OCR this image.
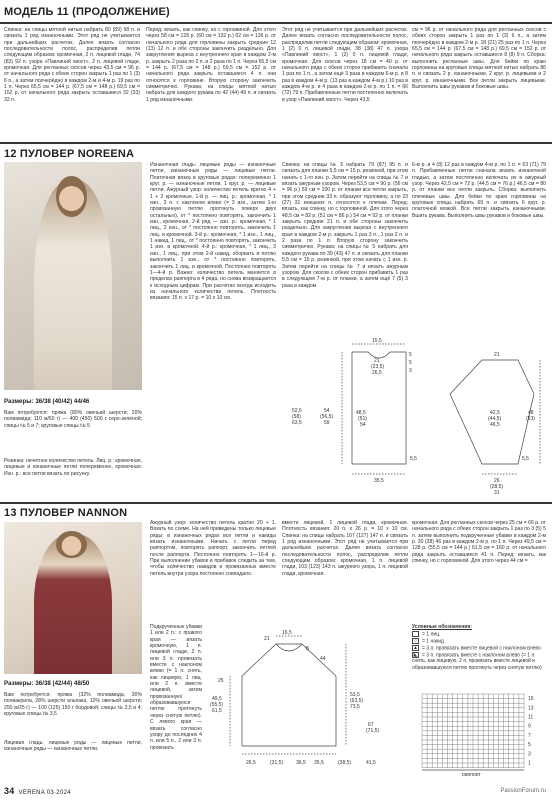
МОДЕЛЬ 11 (ПРОДОЛЖЕНИЕ)
Спинка: на спицы мятной нитью набрать 80 (89) 98 п. и связать 1 ряд изнаночными. Этот ряд не учитывается при дальнейших расчетах. Далее вязать согласно последовательности полос, распределив петли следующим образом: кромочная, 2 п. лицевой глади, 74 (83) 92 п. узора «Павлиний хвост», 2 п. лицевой глади, кромочная. Для регланных скосов через 43,5 см = 96 р. от начального ряда с обеих сторон закрыть 1 раз по 1 (3) 6 п., а затем поочерёдно в каждом 2-м и 4-м р. 19 раз по 1 п. Через 65,5 см = 144 р. (67,5 см = 148 р.) 69,5 см = 152 р. от начального ряда закрыть оставшиеся 32 (33) 32 п.
Перед: вязать, как спинку, но с горловиной. Для этого через 58 см = 128 р. (60 см = 132 р.) 62 см = 136 р. от начального ряда для горловины закрыть средние 12 (13) 12 п. и обе стороны закончить раздельно. Для закругления выреза с внутреннего края в каждом 2-м р. закрыть 2 раза по 2 п. и 2 раза по 1 п. Через 65,5 см = 144 р. (67,5 см = 148 р.) 69,5 см = 152 р. от начального ряда закрыть оставшиеся 4 п. они относятся к горловине. Вторую сторону закончить симметрично. Рукава: на спицы мятной нитью набрать для каждого рукава по 42 (44) 49 п. и связать 1 ряд изнаночными.
Этот ряд не учитывается при дальнейших расчетах. Далее вязать согласно последовательности полос, распределив петли следующим образом: кромочная, 1 (2) 0 п. лицевой глади, 38 (38) 47 п. узора «Павлиний хвост», 1 (2) 0 п. лицевой глади, кромочная. Для скосов через 18 см = 40 р. от начального ряда с обеих сторон прибавить сначала 1 раз по 1 п., а затем ещё 3 раза в каждом 6-м р. и 8 раз в каждом 4-м р. (13 раз в каждом 4-м р.) 10 раз в каждом 4-м р. и 4 раза в каждом 2-м р. по 1 п. = 66 (72) 79 п. Прибавленные петли постепенно включать в узор «Павлиний хвост». Через 43,5
см = 96 р. от начального ряда для регланных скосов с обеих сторон закрыть 1 раз по 1 (3) 6 п., а затем поочерёдно в каждом 2-м р. 18 (21) 25 раз по 1 п. Через 65,5 см = 144 р. (67,5 см = 148 р.) 69,5 см = 152 р. от начального ряда закрыть оставшиеся 8 (8) 9 п. Сборка: выполнить регланные швы. Для бейки по краю горловины на круговые спицы мятной нитью набрать 86 п. и связать 2 р. изнаночными, 2 круг. р. лицевыми и 2 круг. р. изнаночными. Все петли закрыть лицевыми. Выполнить швы рукавов и боковые швы.
12 ПУЛОВЕР NOREENA
Размеры: 36/38 (40/42) 44/46
Вам потребуется: пряжа (80% овечьей шерсти; 20% полиамида; 110 м/50 г) — 400 (450) 500 г серо-зеленой; спицы № 5 и 7; круговые спицы № 5
Резинка: нечетное количество петель. Лиц. р.: кромочная, лицевые и изнаночные петли попеременно, кромочная. Изн. р.: все петли вязать по рисунку.
Изнаночная гладь: лицевые ряды — изнаночные петли, изнаночные ряды — лицевые петли. Платочная вязка в круговых рядах: попеременно 1 круг. р. — изнаночные петли, 1 круг. р. — лицевые петли. Ажурный узор: количество петель кратно 4 + 1 + 2 кромочные. 1-й р. — лиц. р.: кромочная, * 1 изн., 3 п. с наклоном влево (= 3 изн., затем 1-ю провязанную петлю протянуть поверх двух остальных), от * постоянно повторять, закончить 1 изн., кромочная. 2-й ряд — изн. р.: кромочная, * 1 лиц., 2 изн., от * постоянно повторять, закончить 1 лиц. и кромочной. 3-й р.: кромочная, * 1 изн., 1 лиц., 1 накид, 1 лиц., от * постоянно повторять, закончить 1 изн. и кромочной. 4-й р.: кромочная, * 1 лиц., 3 изн., 1 лиц., при этом 2-й накид, оборвать и петлю выполнить 1 изн., от * постоянно повторять, закончить 1 лиц. и кромочной. Постоянно повторять 1—4-й р. Важно: количество петель меняется в пределах раппорта в 4 ряда, но снова возвращается к исходным цифрам. При расчетах всегда исходить из начального количества петель. Плотность вязания: 15 п. x 17 р. = 10 x 10 см.
Спинка: на спицы № 5 набрать 79 (87) 95 п. и связать для планки 5,5 см = 15 р. резинкой, при этом начать с 1-го изн. р. Затем перейти на спицы № 7 и вязать ажурным узором. Через 53,5 см = 90 р. (56 см = 96 р.) 59 см = 100 р. от планки все петли закрыть, при этом средние 33 п. образуют горловину, а по 23 (27) 31 внешних п. относятся к плечам. Перед: вязать, как спинку, но с горловиной. Для этого через 48,5 см = 82 р. (51 см = 86 р.) 54 см = 92 р. от планки закрыть средние 21 п. и обе стороны закончить раздельно. Для закругления выреза с внутреннего края в каждом 2-м р. закрыть 1 раз 3 п., 1 раз 2 п. и 2 раза по 1 п. Вторую сторону закончить симметрично. Рукава: на спицы № 5 набрать для каждого рукава по 39 (43) 47 п. и связать для планки 5,5 см = 15 р. резинкой, при этом начать с 1 изн. р. Затем перейти на спицы № 7 и вязать ажурным узором. Для скосов с обеих сторон прибавить 1 раз в следующем 7-м р. от планки, а затем ещё 7 (5) 3 раза в каждом
6-м р. и 4 (8) 12 раз в каждом 4-м р. по 1 п. = 63 (71) 79 п. Прибавленные петли сначала вязать изнаночной гладью, а затем постепенно включать их в ажурный узор. Через 42,5 см = 72 р. (44,5 см = 76 р.) 46,5 см = 80 р. от планки все петли закрыть. Сборка: выполнить плечевые швы. Для бейки по краю горловины на круговые спицы набрать 69 п. и связать 6 круг. р. платочной вязкой. Все петли закрыть изнаночными. Вшить рукава. Выполнить швы рукавов и боковые швы.
15,5
21
(23,5)
26,5
5
5
3
54
(56,5)
59
48,5
(51)
54
52,5
(58)
63,5
42,5
(44,5)
46,5
21
48
(53)
35,5
5,5	5,5
26
(28,5)
31
13 ПУЛОВЕР NANNON
Размеры: 36/38 (42/44) 48/50
Вам потребуется: пряжа (32% полиамида, 30% полиакрила, 28% шерсти альпака, 10% овечьей шерсти; 250 м/25 г) — 100 (125) 150 г бордовой; спицы № 3,5 и 4; круговые спицы № 3,5
Лицевая гладь: лицевые ряды — лицевые петли, изнаночные ряды — изнаночные петли.
Ажурный узор: количество петель кратно 20 + 1. Вязать по схеме. На ней приведены только лицевые ряды; в изнаночных рядах все петли и накиды вязать изнаночными. Начать с петли перед раппортом, повторять раппорт, закончить петлей после раппорта. Постоянно повторять 1—16-й р. При выполнении убавок и прибавок следить за тем, чтобы количество накидов и провязанных вместе петель внутри узора постоянно совпадало.
Подкрученные убавки 1 или 2 п.: с правого края — вязать кромочную, 1 п. лицевой глади, 2 п. или 3 п. провязать вместе с наклоном влево (= 1 п. снять, как лицевую, 1 лиц. или 2 п. вместе лицевой, затем провязанную/образовавшуюся петлю протянуть через снятую петлю). С левого края — вязать согласно узору до последних 4 п. или 5 п., 2 или 3 п. провязать
вместе лицевой, 1 лицевой глади, кромочная. Плотность вязания: 20 п. x 26 р. = 10 x 10 см. Спинка: на спицы набрать 107 (127) 147 п. и связать 1 ряд изнаночными. Этот ряд не учитывается при дальнейших расчетах. Далее вязать согласно последовательности полос, распределив петли следующим образом: кромочная, 1 п. лицевой глади, 103 (123) 143 п. ажурного узора, 1 п. лицевой глади, кромочная.
кромочная. Для регланных скосов через 25 см = 66 р. от начального ряда с обеих сторон закрыть 1 раз по 3 (5) 5 п. затем выполнить подкрученные убавки в каждом 2-м р. 30 (38) 46 раз в каждом 2-м р. по 1 п. Через 49,5 см = 128 р. (55,5 см = 144 р.) 61,5 см = 160 р. от начального ряда закрыть оставшиеся 41 п. Перед: вязать, как спинку, но с горловиной. Для этого через 44 см =
16,5
8
21
25
(55,5)
61,5
49,5
44
53,5
(63,5)
73,5
26,5	(31,5)	36,5 35,5	(38,5)	41,5
67
(71,5)
Условные обозначения:
= 1 лиц.
○ = 1 накид
▲ = 3 п. провязать вместе лицевой с наклоном влево
◣ = 3 п. провязать вместе с наклоном влево (= 1 п. снять, как лицевую, 2 п. провязать вместе лицевой и образовавшуюся петлю протянуть через снятую петлю)
15
13
11
9
7
5
3
1
раппорт
34 VERENA 03·2024	PassionForum.ru
